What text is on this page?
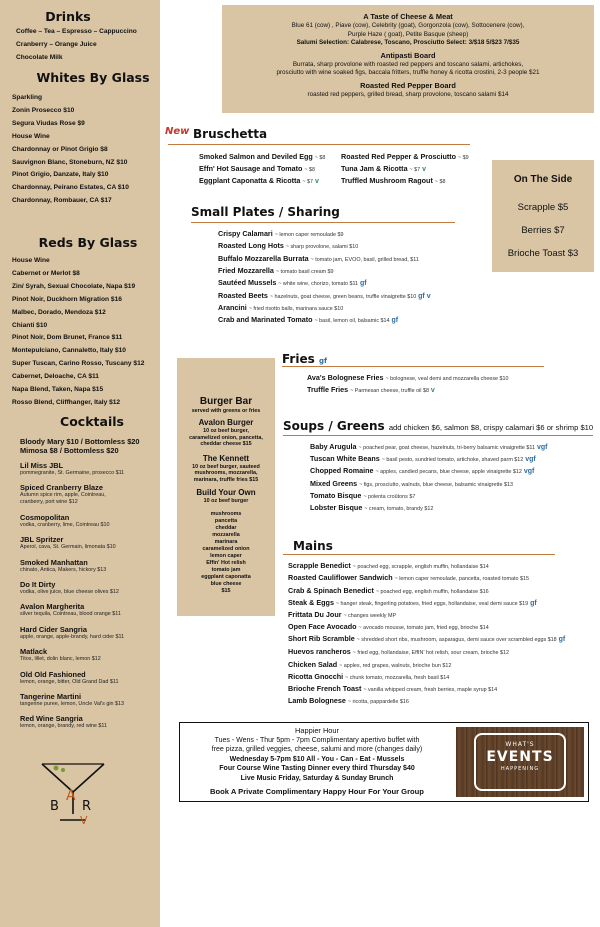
Drinks
Coffee – Tea – Espresso – Cappuccino
Cranberry – Orange Juice
Chocolate Milk
Whites By Glass
Sparkling
Zonin Prosecco $10
Segura Viudas Rose $9
House Wine
Chardonnay or Pinot Grigio $8
Sauvignon Blanc, Stoneburn, NZ $10
Pinot Grigio, Danzate, Italy $10
Chardonnay, Peirano Estates, CA $10
Chardonnay, Rombauer, CA $17
Reds By Glass
House Wine
Cabernet or Merlot $8
Zin/ Syrah, Sexual Chocolate, Napa $19
Pinot Noir, Duckhorn Migration $16
Malbec, Dorado, Mendoza $12
Chianti $10
Pinot Noir, Dom Brunet, France $11
Montepulciano, Cannaletto, Italy $10
Super Tuscan, Carino Rosso, Tuscany $12
Cabernet, Deloache, CA $11
Napa Blend, Taken, Napa $15
Rosso Blend, Cliffhanger, Italy $12
Cocktails
Bloody Mary $10 / Bottomless $20
Mimosa $8 / Bottomless $20
Lil Miss JBL
pommegranite, St. Germaine, prosecco $11
Spiced Cranberry Blaze
Autumn spice rim, apple, Cointreau,
cranberry, port wine $12
Cosmopolitan
vodka, cranberry, lime, Cointreau $10
JBL Spritzer
Aperol, cava, St. Germain, limonata $10
Smoked Manhattan
chinato, Antica, Makers, hickory $13
Do It Dirty
vodka, olive juice, blue cheese olives $12
Avalon Margherita
silver tequila, Cointreau, blood orange $11
Hard Cider Sangria
apple, orange, apple-brandy, hard cider $11
Matlack
Titos, lillet, dolin blanc, lemon $12
Old Old Fashioned
lemon, orange, bitter, Old Grand Dad $11
Tangerine Martini
tangerine puree, lemon, Uncle Val's gin $13
Red Wine Sangria
lemon, orange, brandy, red wine $11
B
A
R
V
A Taste of Cheese & Meat
Blue 61 (cow) , Piave (cow), Celebrity (goat), Gorgonzola (cow), Sottocenere (cow),
Purple Haze ( goat), Petite Basque (sheep)
Salumi Selection: Calabrese, Toscano, Prosciutto Select: 3/$18 5/$23 7/$35
Antipasti Board
Burrata, sharp provolone with roasted red peppers and toscano salami, artichokes,
prosciutto with wine soaked figs, baccala fritters, truffle honey & ricotta crostini, 2-3 people $21
Roasted Red Pepper Board
roasted red peppers, grilled bread, sharp provolone, toscano salami $14
New Bruschetta
Smoked Salmon and Deviled Egg ~ $8
Effn' Hot Sausage and Tomato ~ $8
Eggplant Caponatta & Ricotta ~ $7 v
Roasted Red Pepper & Prosciutto ~ $9
Tuna Jam & Ricotta ~ $7 v
Truffled Mushroom Ragout ~ $8	On The Side
Scrapple $5
Berries $7
Brioche Toast $3
Small Plates / Sharing
Crispy Calamari ~ lemon caper remoulade $9
Roasted Long Hots ~ sharp provolone, salami $10
Buffalo Mozzarella Burrata ~ tomato jam, EVOO, basil, grilled bread, $11
Fried Mozzarella ~ tomato basil cream $9
Sautéed Mussels ~ white wine, chorizo, tomato $11 gf
Roasted Beets ~ hazelnuts, goat cheese, green beans, truffle vinaigrette $10 gf v
Arancini ~ fried risotto balls, marinara sauce $10
Crab and Marinated Tomato ~ basil, lemon oil, balsamic $14 gf
Burger Bar
served with greens or fries
Avalon Burger
10 oz beef burger,
caramelized onion, pancetta,
cheddar cheese $15
The Kennett
10 oz beef burger, sauteed
mushrooms, mozzarella,
marinara, truffle fries $15
Build Your Own
10 oz beef burger
mushrooms
pancetta
cheddar
mozzarella
marinara
caramelized onion
lemon caper
Effin' Hot relish
tomato jam
eggplant caponatta
blue cheese
$15
Fries gf
Ava's Bolognese Fries ~ bolognese, veal demi and mozzarella cheese $10
Truffle Fries ~ Parmesan cheese, truffle oil $8 v
Soups / Greens add chicken $6, salmon $8, crispy calamari $6 or shrimp $10
Baby Arugula ~ poached pear, goat cheese, hazelnuts, tri-berry balsamic vinaigrette $11 vgf
Tuscan White Beans ~ basil pesto, sundried tomato, artichoke, shaved parm $12 vgf
Chopped Romaine ~ apples, candied pecans, blue cheese, apple vinaigrette $12 vgf
Mixed Greens ~ figs, prosciutto, walnuts, blue cheese, balsamic vinaigrette $13
Tomato Bisque ~ polenta croûtons $7
Lobster Bisque ~ cream, tomato, brandy $12
Mains
Scrapple Benedict ~ poached egg, scrapple, english muffin, hollandaise $14
Roasted Cauliflower Sandwich ~ lemon caper remoulade, pancetta, roasted tomato $15
Crab & Spinach Benedict ~ poached egg, english muffin, hollandaise $16
Steak & Eggs ~ hanger steak, fingerling potatoes, fried eggs, hollandaise, veal demi sauce $19 gf
Frittata Du Jour ~ changes weekly MP
Open Face Avocado ~ avocado mousse, tomato jam, fried egg, brioche $14
Short Rib Scramble ~ shredded short ribs, mushroom, asparagus, demi sauce over scrambled eggs $18 gf
Huevos rancheros ~ fried egg, hollandaise, EffIN' hot relish, sour cream, brioche $12
Chicken Salad ~ apples, red grapes, walnuts, brioche bun $12
Ricotta Gnocchi ~ chunk tomato, mozzarella, fresh basil $14
Brioche French Toast ~ vanilla whipped cream, fresh berries, maple syrup $14
Lamb Bolognese ~ ricotta, pappardelle $16
Happier Hour
Tues - Wens - Thur 5pm - 7pm Complimentary apertivo buffet with
free pizza, grilled veggies, cheese, salumi and more (changes daily)
Wednesday 5-7pm $10 All - You - Can - Eat - Mussels
Four Course Wine Tasting Dinner every third Thursday $40
Live Music Friday, Saturday & Sunday Brunch
Book A Private Complimentary Happy Hour For Your Group
WHAT'S
EVENTS
HAPPENING
